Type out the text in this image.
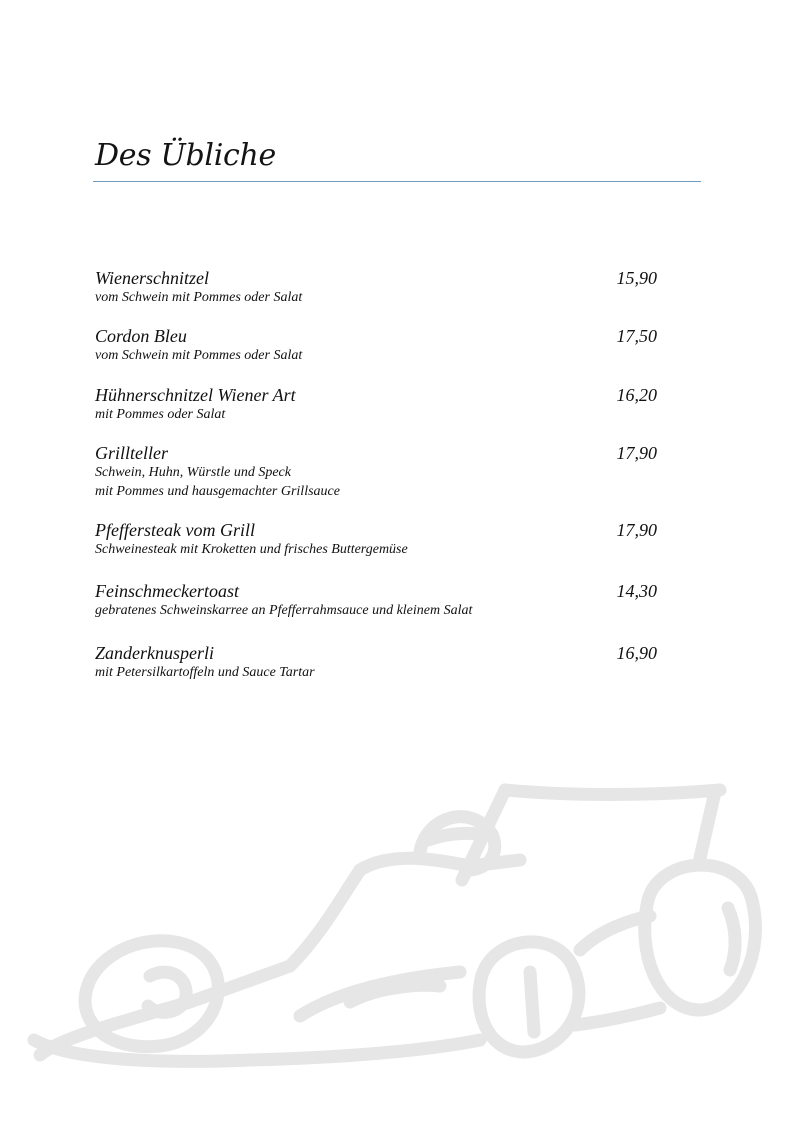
Des Übliche
Wienerschnitzel	15,90
vom Schwein mit Pommes oder Salat
Cordon Bleu	17,50
vom Schwein mit Pommes oder Salat
Hühnerschnitzel Wiener Art	16,20
mit Pommes oder Salat
Grillteller	17,90
Schwein, Huhn, Würstle und Speck
mit Pommes und hausgemachter Grillsauce
Pfeffersteak vom Grill	17,90
Schweinesteak mit Kroketten und frisches Buttergemüse
Feinschmeckertoast	14,30
gebratenes Schweinskarree an Pfefferrahmsauce und kleinem Salat
Zanderknusperli	16,90
mit Petersilkartoffeln und Sauce Tartar
